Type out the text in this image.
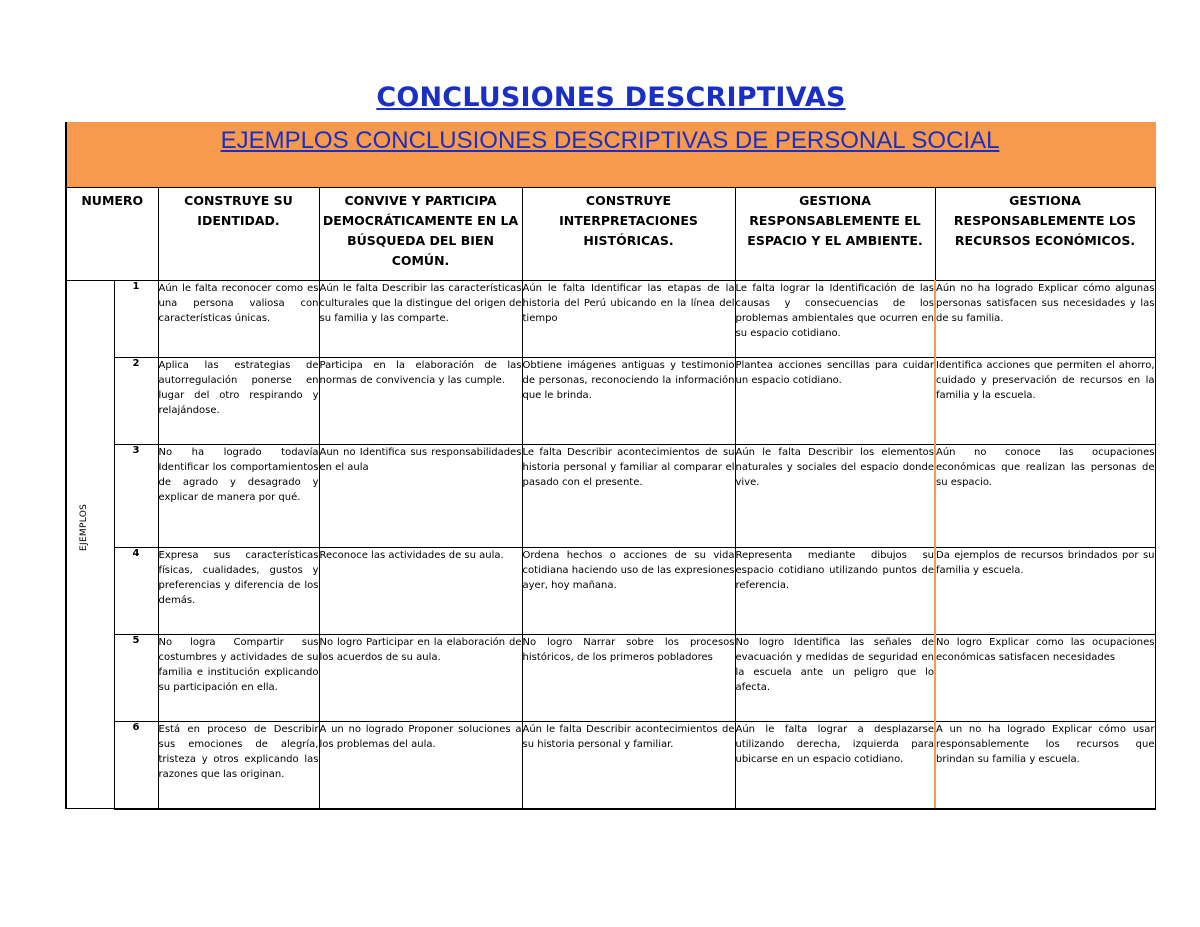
CONCLUSIONES DESCRIPTIVAS
EJEMPLOS CONCLUSIONES DESCRIPTIVAS DE PERSONAL SOCIAL
NUMERO		CONSTRUYE SU IDENTIDAD.	CONVIVE Y PARTICIPA DEMOCRÁTICAMENTE EN LA BÚSQUEDA DEL BIEN COMÚN.	CONSTRUYE INTERPRETACIONES HISTÓRICAS.	GESTIONA RESPONSABLEMENTE EL ESPACIO Y EL AMBIENTE.	GESTIONA RESPONSABLEMENTE LOS RECURSOS ECONÓMICOS.

EJEMPLOS	1	Aún le falta reconocer como es una persona valiosa con características únicas.	Aún le falta Describir las características culturales que la distingue del origen de su familia y las comparte.	Aún le falta Identificar las etapas de la historia del Perú ubicando en la línea del tiempo	Le falta lograr la Identificación de las causas y consecuencias de los problemas ambientales que ocurren en su espacio cotidiano.	Aún no ha logrado Explicar cómo algunas personas satisfacen sus necesidades y las de su familia.
	2	Aplica las estrategias de autorregulación ponerse en lugar del otro respirando y relajándose.	Participa en la elaboración de las normas de convivencia y las cumple.	Obtiene imágenes antiguas y testimonio de personas, reconociendo la información que le brinda.	Plantea acciones sencillas para cuidar un espacio cotidiano.	Identifica acciones que permiten el ahorro, cuidado y preservación de recursos en la familia y la escuela.
	3	No ha logrado todavía Identificar los comportamientos de agrado y desagrado y explicar de manera por qué.	Aun no Identifica sus responsabilidades en el aula	Le falta Describir acontecimientos de su historia personal y familiar al comparar el pasado con el presente.	Aún le falta Describir los elementos naturales y sociales del espacio donde vive.	Aún no conoce las ocupaciones económicas que realizan las personas de su espacio.
	4	Expresa sus características físicas, cualidades, gustos y preferencias y diferencia de los demás.	Reconoce las actividades de su aula.	Ordena hechos o acciones de su vida cotidiana haciendo uso de las expresiones ayer, hoy mañana.	Representa mediante dibujos su espacio cotidiano utilizando puntos de referencia.	Da ejemplos de recursos brindados por su familia y escuela.
	5	No logra Compartir sus costumbres y actividades de su familia e institución explicando su participación en ella.	No logro Participar en la elaboración de los acuerdos de su aula.	No logro Narrar sobre los procesos históricos, de los primeros pobladores	No logro Identifica las señales de evacuación y medidas de seguridad en la escuela ante un peligro que lo afecta.	No logro Explicar como las ocupaciones económicas satisfacen necesidades
	6	Está en proceso de Describir sus emociones de alegría, tristeza y otros explicando las razones que las originan.	A un no logrado Proponer soluciones a los problemas del aula.	Aún le falta Describir acontecimientos de su historia personal y familiar.	Aún le falta lograr a desplazarse utilizando derecha, izquierda para ubicarse en un espacio cotidiano.	A un no ha logrado Explicar cómo usar responsablemente los recursos que brindan su familia y escuela.
